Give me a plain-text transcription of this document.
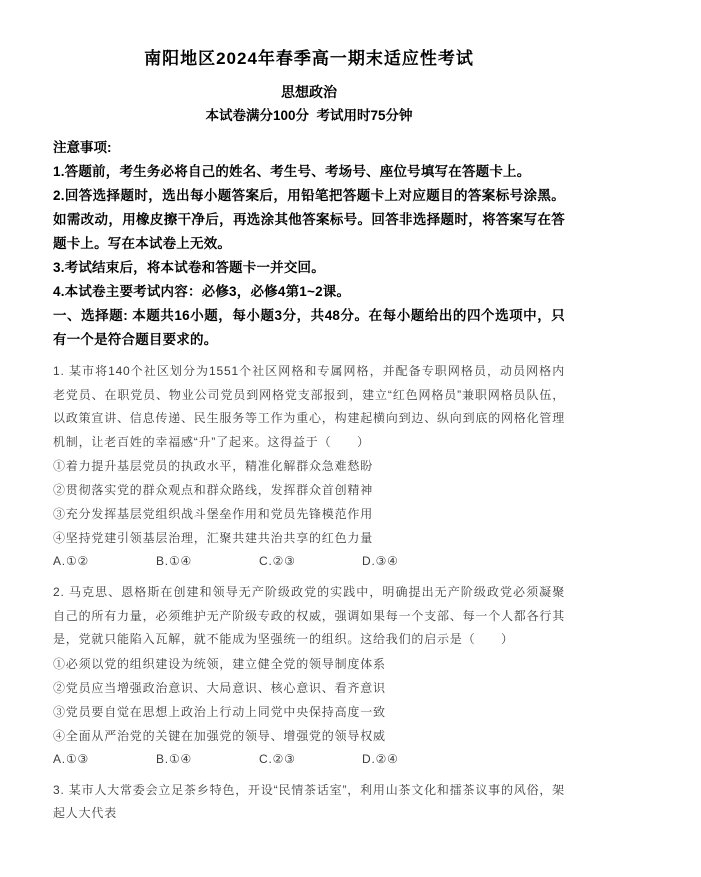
南阳地区2024年春季高一期末适应性考试
思想政治
本试卷满分100分  考试用时75分钟
注意事项:

1.答题前，考生务必将自己的姓名、考生号、考场号、座位号填写在答题卡上。

2.回答选择题时，选出每小题答案后，用铅笔把答题卡上对应题目的答案标号涂黑。如需改动，用橡皮擦干净后，再选涂其他答案标号。回答非选择题时，将答案写在答题卡上。写在本试卷上无效。

3.考试结束后，将本试卷和答题卡一并交回。

4.本试卷主要考试内容：必修3，必修4第1~2课。

一、选择题: 本题共16小题，每小题3分，共48分。在每小题给出的四个选项中，只有一个是符合题目要求的。

1. 某市将140个社区划分为1551个社区网格和专属网格，并配备专职网格员，动员网格内老党员、在职党员、物业公司党员到网格党支部报到，建立“红色网格员”兼职网格员队伍，以政策宣讲、信息传递、民生服务等工作为重心，构建起横向到边、纵向到底的网格化管理机制，让老百姓的幸福感“升”了起来。这得益于（　　）

①着力提升基层党员的执政水平，精准化解群众急难愁盼

②贯彻落实党的群众观点和群众路线，发挥群众首创精神

③充分发挥基层党组织战斗堡垒作用和党员先锋模范作用

④坚持党建引领基层治理，汇聚共建共治共享的红色力量

A.①②	B.①④	C.②③	D.③④

2. 马克思、恩格斯在创建和领导无产阶级政党的实践中，明确提出无产阶级政党必须凝聚自己的所有力量，必须维护无产阶级专政的权威，强调如果每一个支部、每一个人都各行其是，党就只能陷入瓦解，就不能成为坚强统一的组织。这给我们的启示是（　　）

①必须以党的组织建设为统领，建立健全党的领导制度体系

②党员应当增强政治意识、大局意识、核心意识、看齐意识

③党员要自觉在思想上政治上行动上同党中央保持高度一致

④全面从严治党的关键在加强党的领导、增强党的领导权威

A.①③	B.①④	C.②③	D.②④

3. 某市人大常委会立足茶乡特色，开设“民情茶话室”，利用山茶文化和擂茶议事的风俗，架起人大代表
